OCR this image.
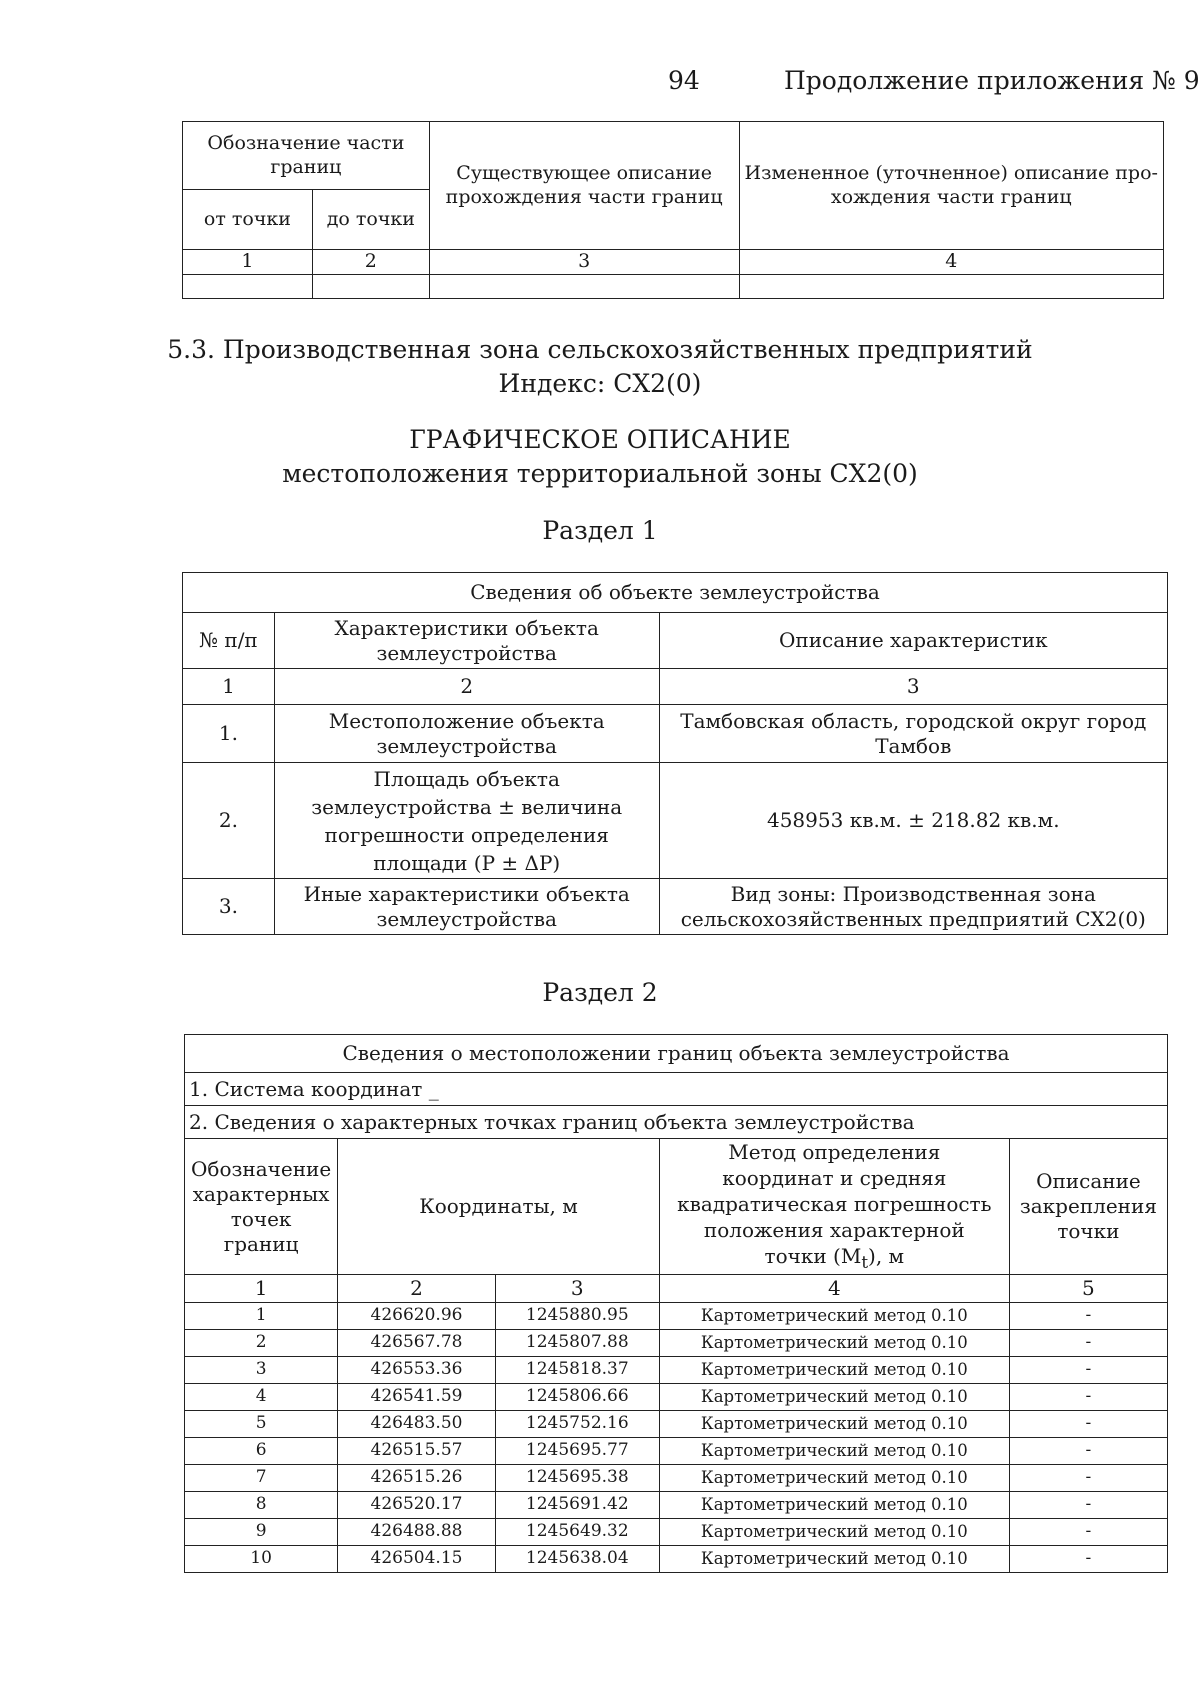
94	Продолжение приложения № 9
Обозначение части границ		Существующее описание прохождения части границ	Измененное (уточненное) описание про-хождения части границ
от точки	до точки		
1	2	3	4

5.3. Производственная зона сельскохозяйственных предприятий
Индекс: СХ2(0)
ГРАФИЧЕСКОЕ ОПИСАНИЕ
местоположения территориальной зоны СХ2(0)
Раздел 1
Сведения об объекте землеустройства		
№ п/п	Характеристики объекта землеустройства	Описание характеристик
1	2	3
1.	Местоположение объекта землеустройства	Тамбовская область, городской округ город Тамбов
2.	Площадь объекта землеустройства ± величина погрешности определения площади (P ± ΔP)	458953 кв.м. ± 218.82 кв.м.
3.	Иные характеристики объекта землеустройства	Вид зоны: Производственная зона сельскохозяйственных предприятий СХ2(0)
Раздел 2
Сведения о местоположении границ объекта землеустройства				
1. Система координат _				
2. Сведения о характерных точках границ объекта землеустройства				
Обозначение характерных точек границ	Координаты, м		Метод определения координат и средняя квадратическая погрешность положения характерной точки $(M_t)$, м	Описание закрепления точки
1	2	3	4	5
1	426620.96	1245880.95	Картометрический метод 0.10	-
2	426567.78	1245807.88	Картометрический метод 0.10	-
3	426553.36	1245818.37	Картометрический метод 0.10	-
4	426541.59	1245806.66	Картометрический метод 0.10	-
5	426483.50	1245752.16	Картометрический метод 0.10	-
6	426515.57	1245695.77	Картометрический метод 0.10	-
7	426515.26	1245695.38	Картометрический метод 0.10	-
8	426520.17	1245691.42	Картометрический метод 0.10	-
9	426488.88	1245649.32	Картометрический метод 0.10	-
10	426504.15	1245638.04	Картометрический метод 0.10	-
